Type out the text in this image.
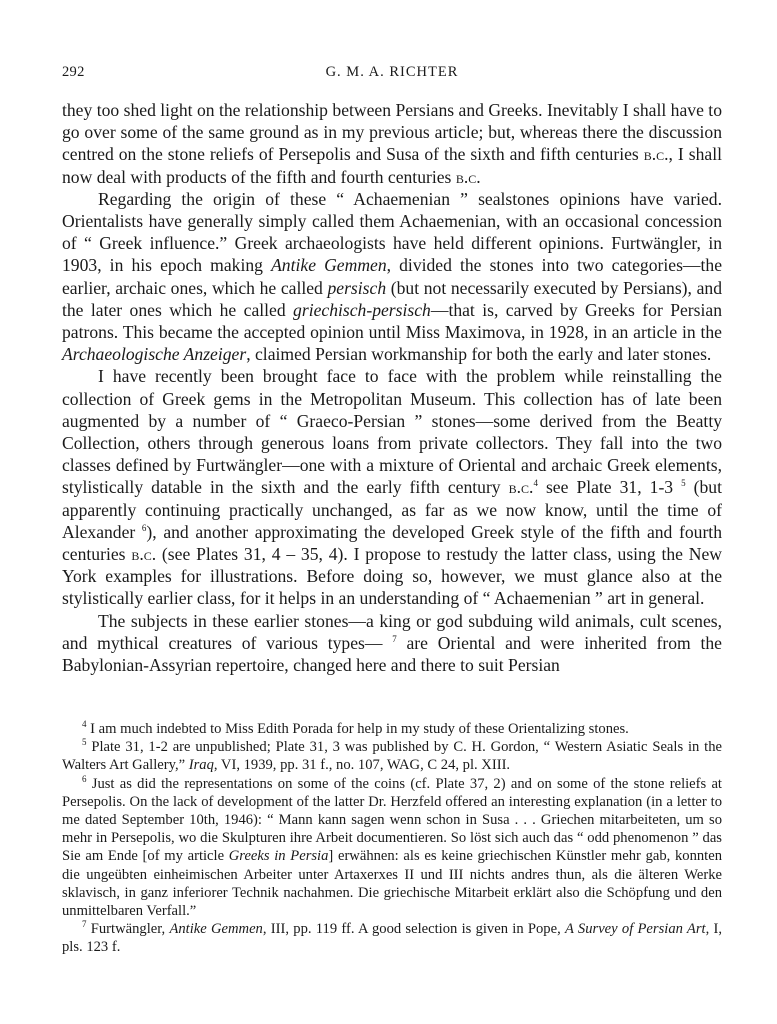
292	G. M. A. RICHTER

they too shed light on the relationship between Persians and Greeks. Inevitably I shall have to go over some of the same ground as in my previous article; but, whereas there the discussion centred on the stone reliefs of Persepolis and Susa of the sixth and fifth centuries b.c., I shall now deal with products of the fifth and fourth centuries b.c.

Regarding the origin of these “ Achaemenian ” sealstones opinions have varied. Orientalists have generally simply called them Achaemenian, with an occasional concession of “ Greek influence.” Greek archaeologists have held different opinions. Furtwängler, in 1903, in his epoch making Antike Gemmen, divided the stones into two categories—the earlier, archaic ones, which he called persisch (but not necessarily executed by Persians), and the later ones which he called griechisch-persisch—that is, carved by Greeks for Persian patrons. This became the accepted opinion until Miss Maximova, in 1928, in an article in the Archaeologische Anzeiger, claimed Persian workmanship for both the early and later stones.

I have recently been brought face to face with the problem while reinstalling the collection of Greek gems in the Metropolitan Museum. This collection has of late been augmented by a number of “ Graeco-Persian ” stones—some derived from the Beatty Collection, others through generous loans from private collectors. They fall into the two classes defined by Furtwängler—one with a mixture of Oriental and archaic Greek elements, stylistically datable in the sixth and the early fifth century b.c.$^4$ see Plate 31, 1-3 $^5$ (but apparently continuing practically unchanged, as far as we now know, until the time of Alexander $^6$), and another approximating the developed Greek style of the fifth and fourth centuries b.c. (see Plates 31, 4 – 35, 4). I propose to restudy the latter class, using the New York examples for illustrations. Before doing so, however, we must glance also at the stylistically earlier class, for it helps in an understanding of “ Achaemenian ” art in general.

The subjects in these earlier stones—a king or god subduing wild animals, cult scenes, and mythical creatures of various types— $^7$ are Oriental and were inherited from the Babylonian-Assyrian repertoire, changed here and there to suit Persian

$^4$ I am much indebted to Miss Edith Porada for help in my study of these Orientalizing stones.

$^5$ Plate 31, 1-2 are unpublished; Plate 31, 3 was published by C. H. Gordon, “ Western Asiatic Seals in the Walters Art Gallery,” Iraq, VI, 1939, pp. 31 f., no. 107, WAG, C 24, pl. XIII.

$^6$ Just as did the representations on some of the coins (cf. Plate 37, 2) and on some of the stone reliefs at Persepolis. On the lack of development of the latter Dr. Herzfeld offered an interesting explanation (in a letter to me dated September 10th, 1946): “ Mann kann sagen wenn schon in Susa . . . Griechen mitarbeiteten, um so mehr in Persepolis, wo die Skulpturen ihre Arbeit documentieren. So löst sich auch das “ odd phenomenon ” das Sie am Ende [of my article Greeks in Persia] erwähnen: als es keine griechischen Künstler mehr gab, konnten die ungeübten einheimischen Arbeiter unter Artaxerxes II und III nichts andres thun, als die älteren Werke sklavisch, in ganz inferiorer Technik nachahmen. Die griechische Mitarbeit erklärt also die Schöpfung und den unmittelbaren Verfall.”

$^7$ Furtwängler, Antike Gemmen, III, pp. 119 ff. A good selection is given in Pope, A Survey of Persian Art, I, pls. 123 f.
